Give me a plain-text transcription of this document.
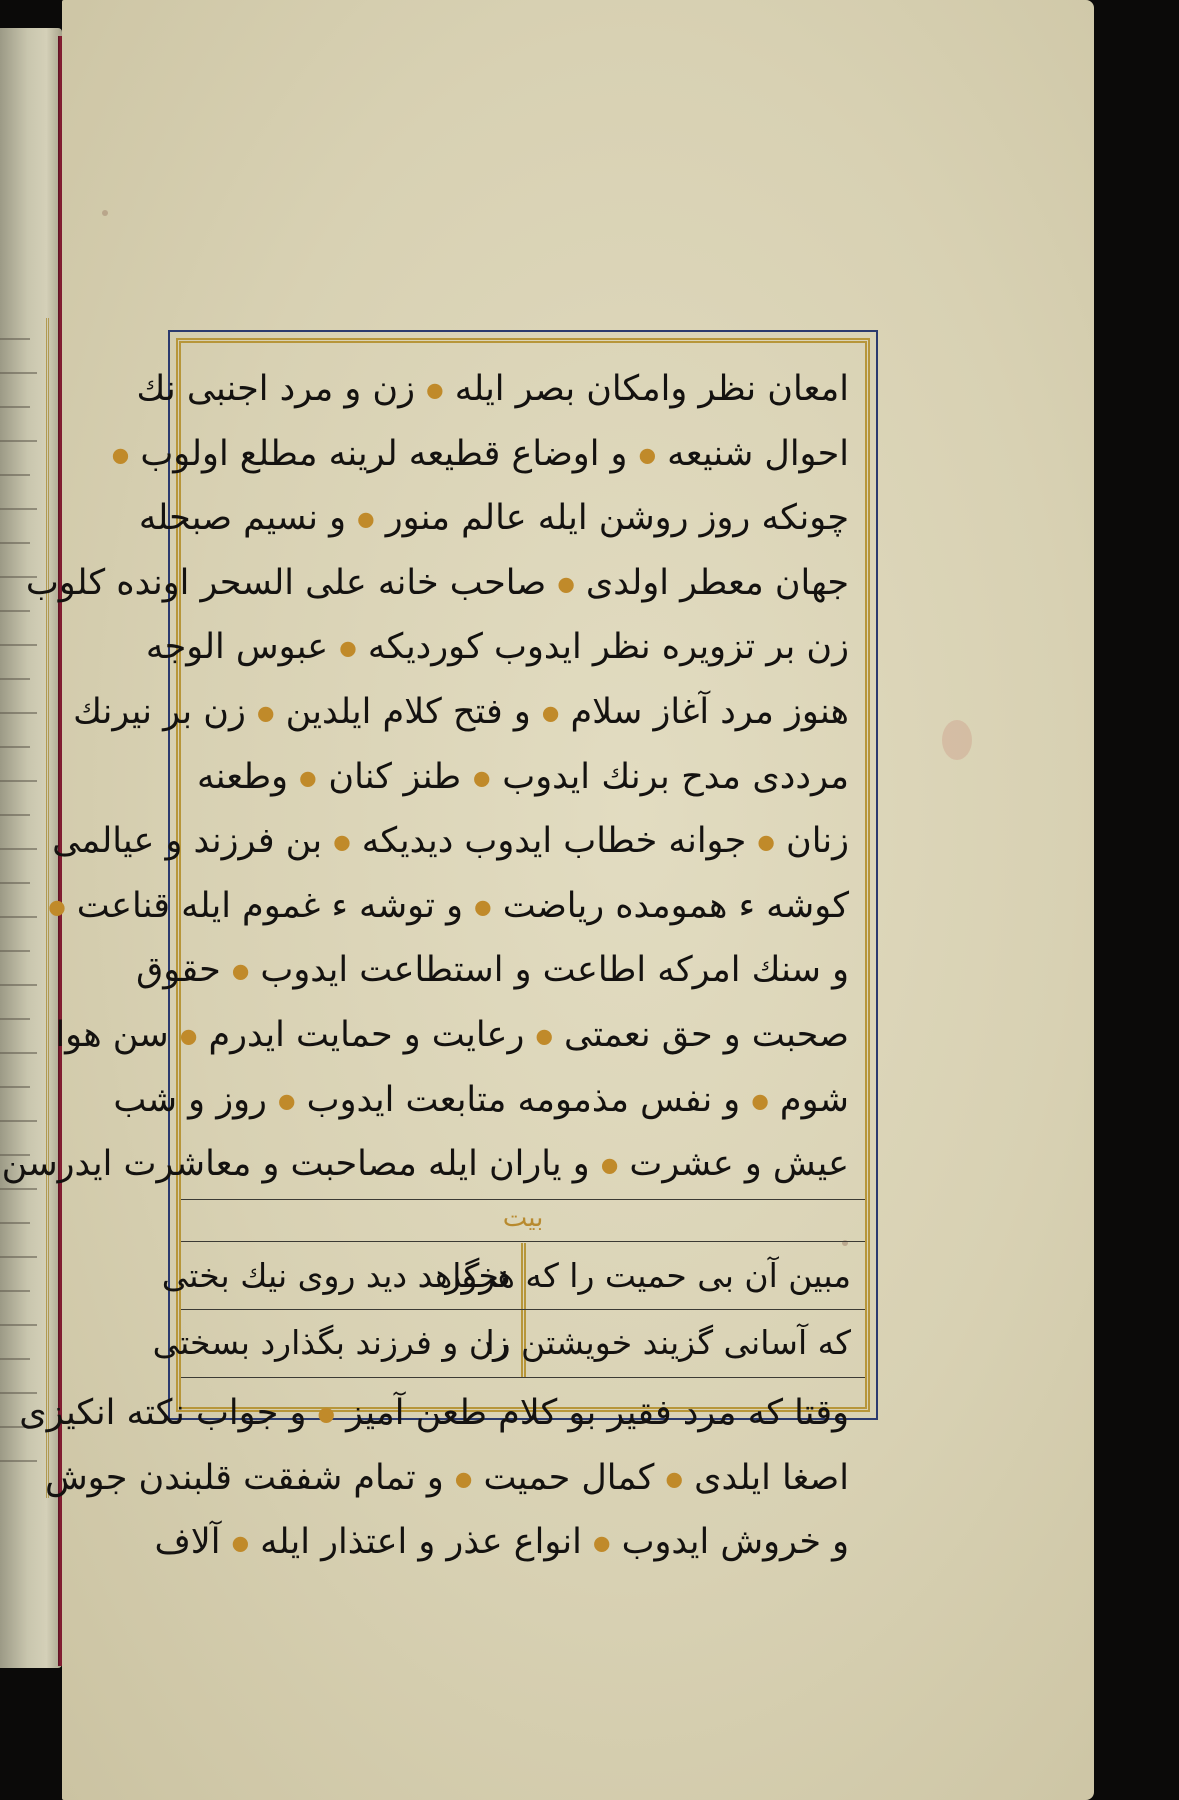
امعان نظر وامکان بصر ایله ● زن و مرد اجنبی نك
احوال شنیعه ● و اوضاع قطیعه لرینه مطلع اولوب ●
چونکه روز روشن ایله عالم منور ● و نسیم صبحله
جهان معطر اولدی ● صاحب خانه علی السحر اونده کلوب
زن بر تزویره نظر ایدوب کوردیکه ● عبوس الوجه
هنوز مرد آغاز سلام ● و فتح کلام ایلدین ● زن بر نیرنك
مرددی مدح برنك ایدوب ● طنز کنان ● وطعنه
زنان ● جوانه خطاب ایدوب دیدیکه ● بن فرزند و عیالمی
کوشه ء همومده ریاضت ● و توشه ء غموم ایله قناعت ●
و سنك امرکه اطاعت و استطاعت ایدوب ● حقوق
صحبت و حق نعمتی ● رعایت و حمایت ایدرم ● سن هوا
شوم ● و نفس مذمومه متابعت ایدوب ● روز و شب
عیش و عشرت ● و یاران ایله مصاحبت و معاشرت ایدرسن
بیت
مبین آن بی حمیت را که هرگز
نخواهد دید روی نیك بختی
که آسانی گزیند خویشتن را
زن و فرزند بگذارد بسختی
وقتا که مرد فقیر بو کلام طعن آمیز ● و جواب نکته انکیزی
اصغا ایلدی ● کمال حمیت ● و تمام شفقت قلبندن جوش
و خروش ایدوب ● انواع عذر و اعتذار ایله ● آلاف
